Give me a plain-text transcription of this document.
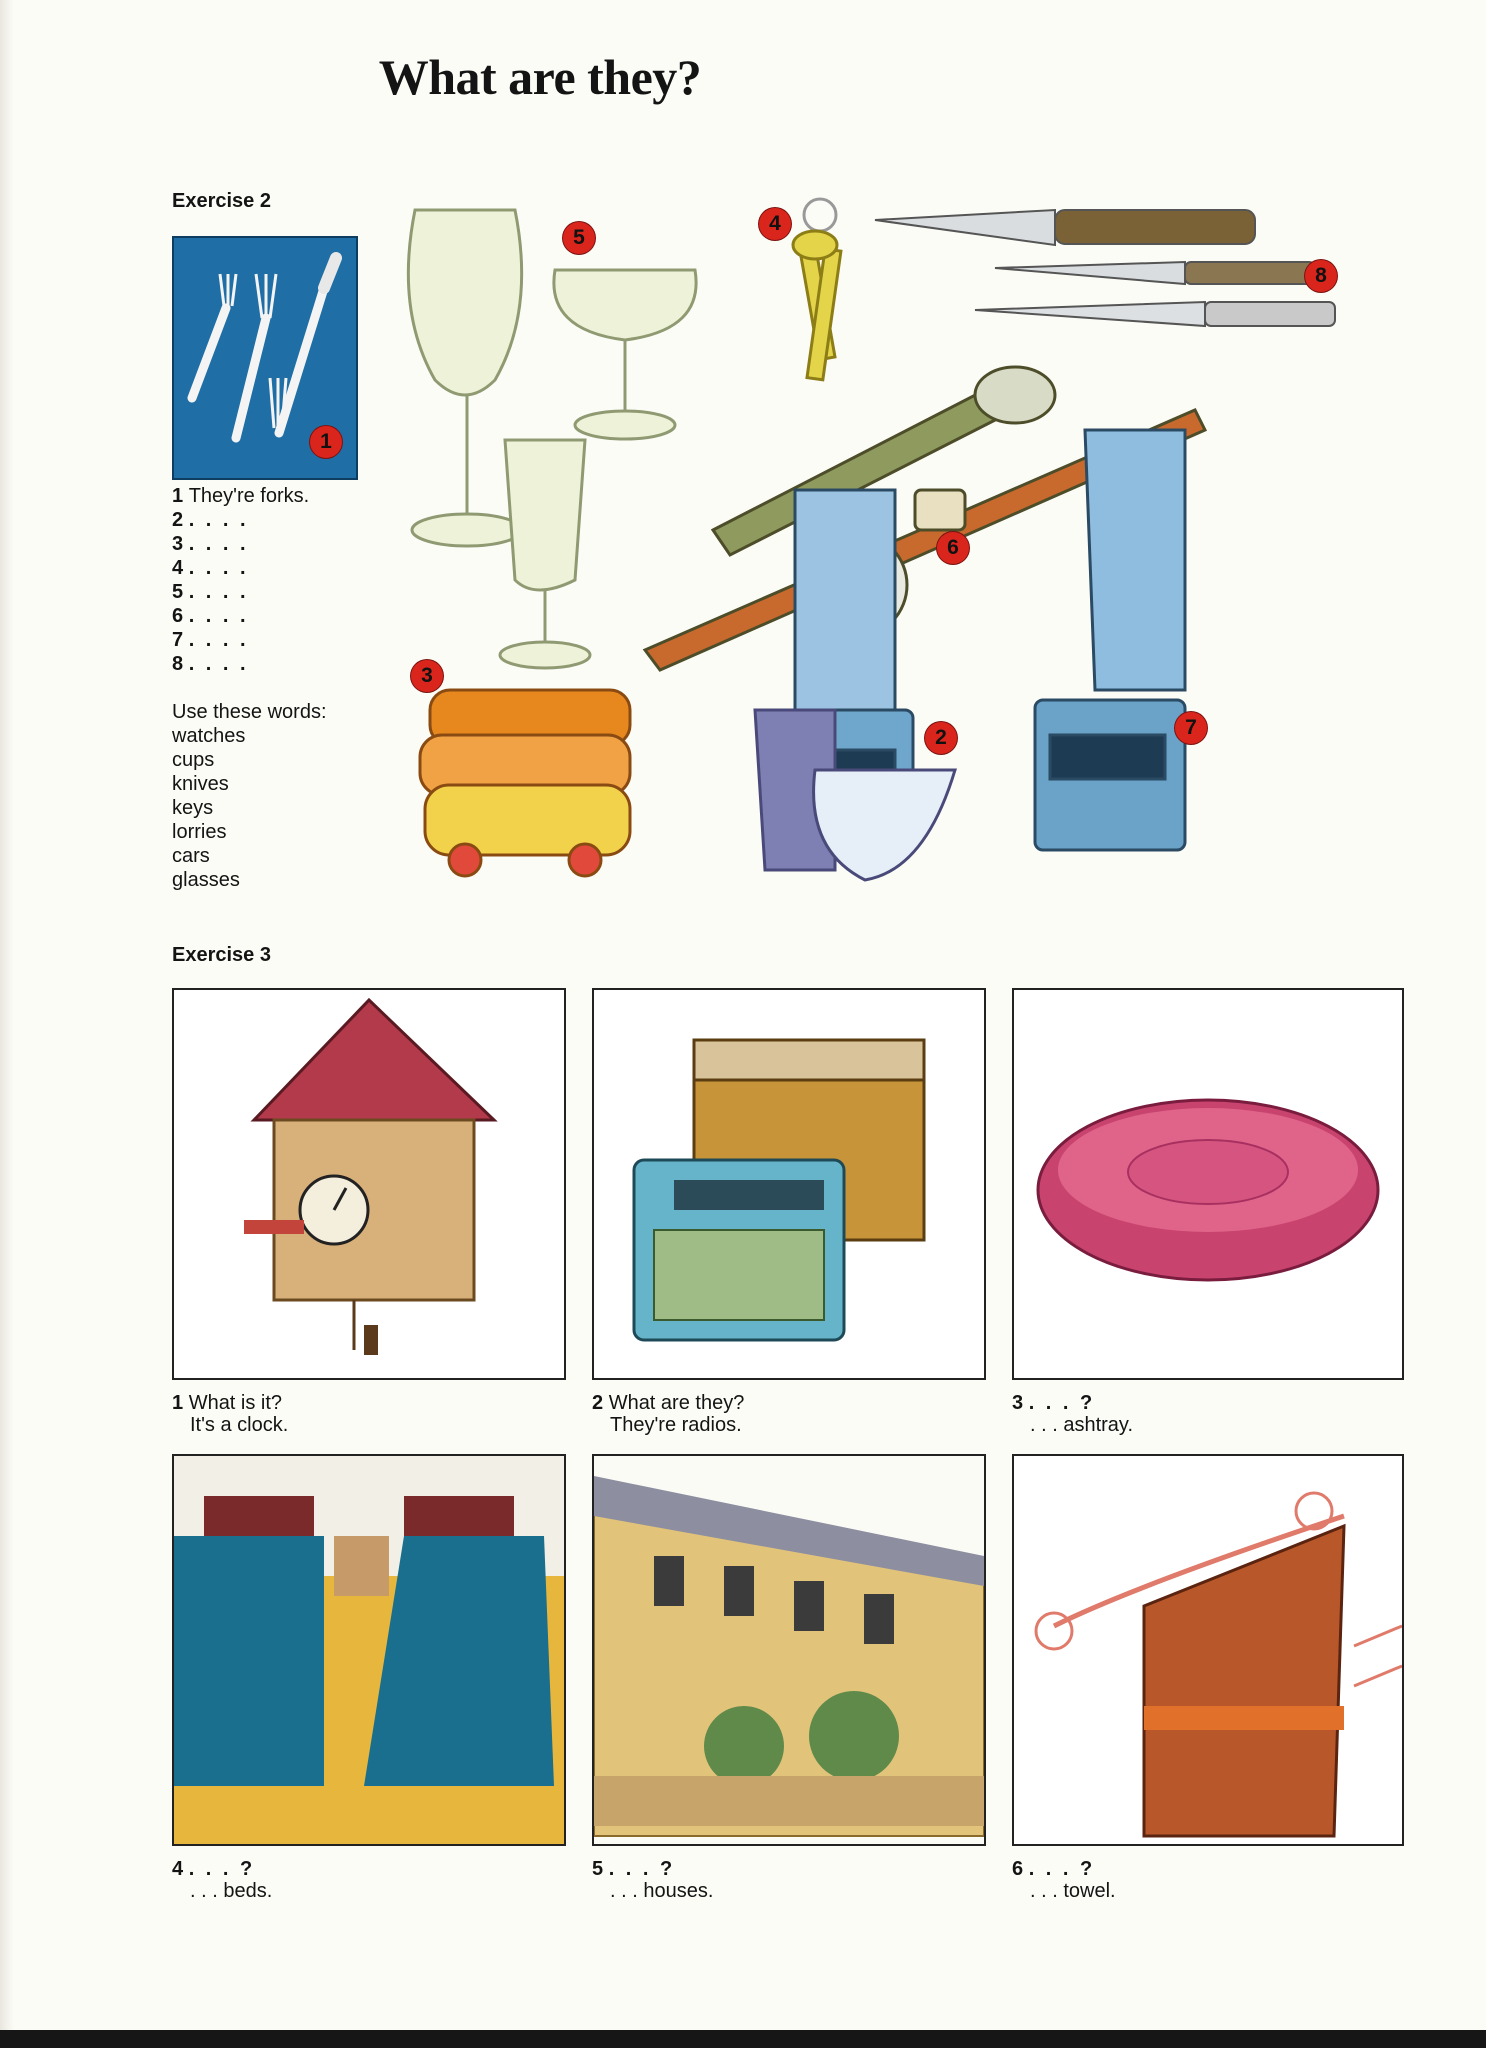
What are they?
Exercise 2
1
1 They're forks.
2 . . . .
3 . . . .
4 . . . .
5 . . . .
6 . . . .
7 . . . .
8 . . . .
Use these words:
watches
cups
knives
keys
lorries
cars
glasses
5
4
8
6
3
2	7
Exercise 3
1 What is it?
It's a clock.
2 What are they?
They're radios.
3 . . . ?
. . . ashtray.
4 . . . ?
. . . beds.
5 . . . ?
. . . houses.
6 . . . ?
. . . towel.
